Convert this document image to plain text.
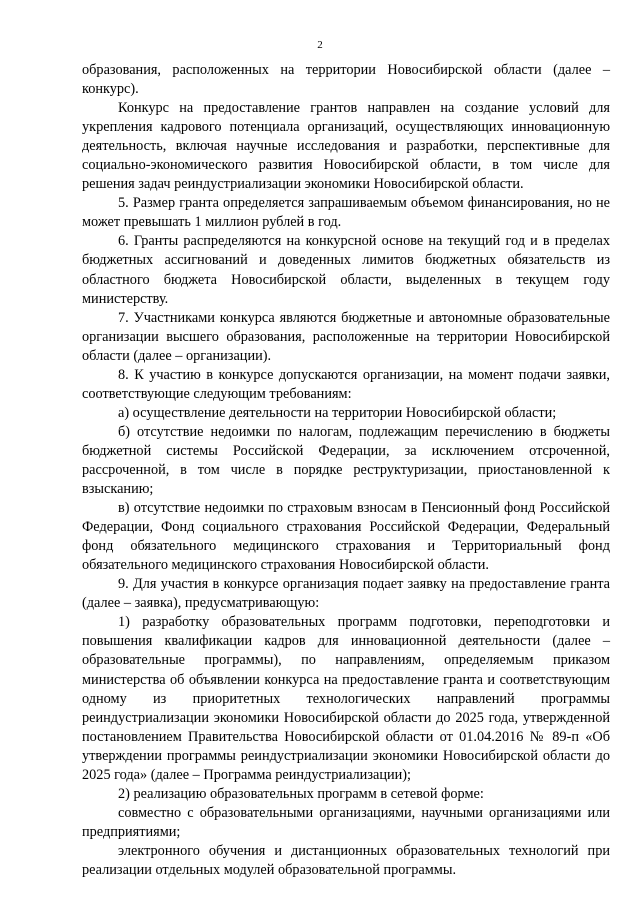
2

образования, расположенных на территории Новосибирской области (далее – конкурс).

Конкурс на предоставление грантов направлен на создание условий для укрепления кадрового потенциала организаций, осуществляющих инновационную деятельность, включая научные исследования и разработки, перспективные для социально-экономического развития Новосибирской области, в том числе для решения задач реиндустриализации экономики Новосибирской области.

5. Размер гранта определяется запрашиваемым объемом финансирования, но не может превышать 1 миллион рублей в год.

6. Гранты распределяются на конкурсной основе на текущий год и в пределах бюджетных ассигнований и доведенных лимитов бюджетных обязательств из областного бюджета Новосибирской области, выделенных в текущем году министерству.

7. Участниками конкурса являются бюджетные и автономные образовательные организации высшего образования, расположенные на территории Новосибирской области (далее – организации).

8. К участию в конкурсе допускаются организации, на момент подачи заявки, соответствующие следующим требованиям:

а) осуществление деятельности на территории Новосибирской области;

б) отсутствие недоимки по налогам, подлежащим перечислению в бюджеты бюджетной системы Российской Федерации, за исключением отсроченной, рассроченной, в том числе в порядке реструктуризации, приостановленной к взысканию;

в) отсутствие недоимки по страховым взносам в Пенсионный фонд Российской Федерации, Фонд социального страхования Российской Федерации, Федеральный фонд обязательного медицинского страхования и Территориальный фонд обязательного медицинского страхования Новосибирской области.

9. Для участия в конкурсе организация подает заявку на предоставление гранта (далее – заявка), предусматривающую:

1) разработку образовательных программ подготовки, переподготовки и повышения квалификации кадров для инновационной деятельности (далее – образовательные программы), по направлениям, определяемым приказом министерства об объявлении конкурса на предоставление гранта и соответствующим одному из приоритетных технологических направлений программы реиндустриализации экономики Новосибирской области до 2025 года, утвержденной постановлением Правительства Новосибирской области от 01.04.2016 № 89-п «Об утверждении программы реиндустриализации экономики Новосибирской области до 2025 года» (далее – Программа реиндустриализации);

2) реализацию образовательных программ в сетевой форме:

совместно с образовательными организациями, научными организациями или предприятиями;

электронного обучения и дистанционных образовательных технологий при реализации отдельных модулей образовательной программы.
